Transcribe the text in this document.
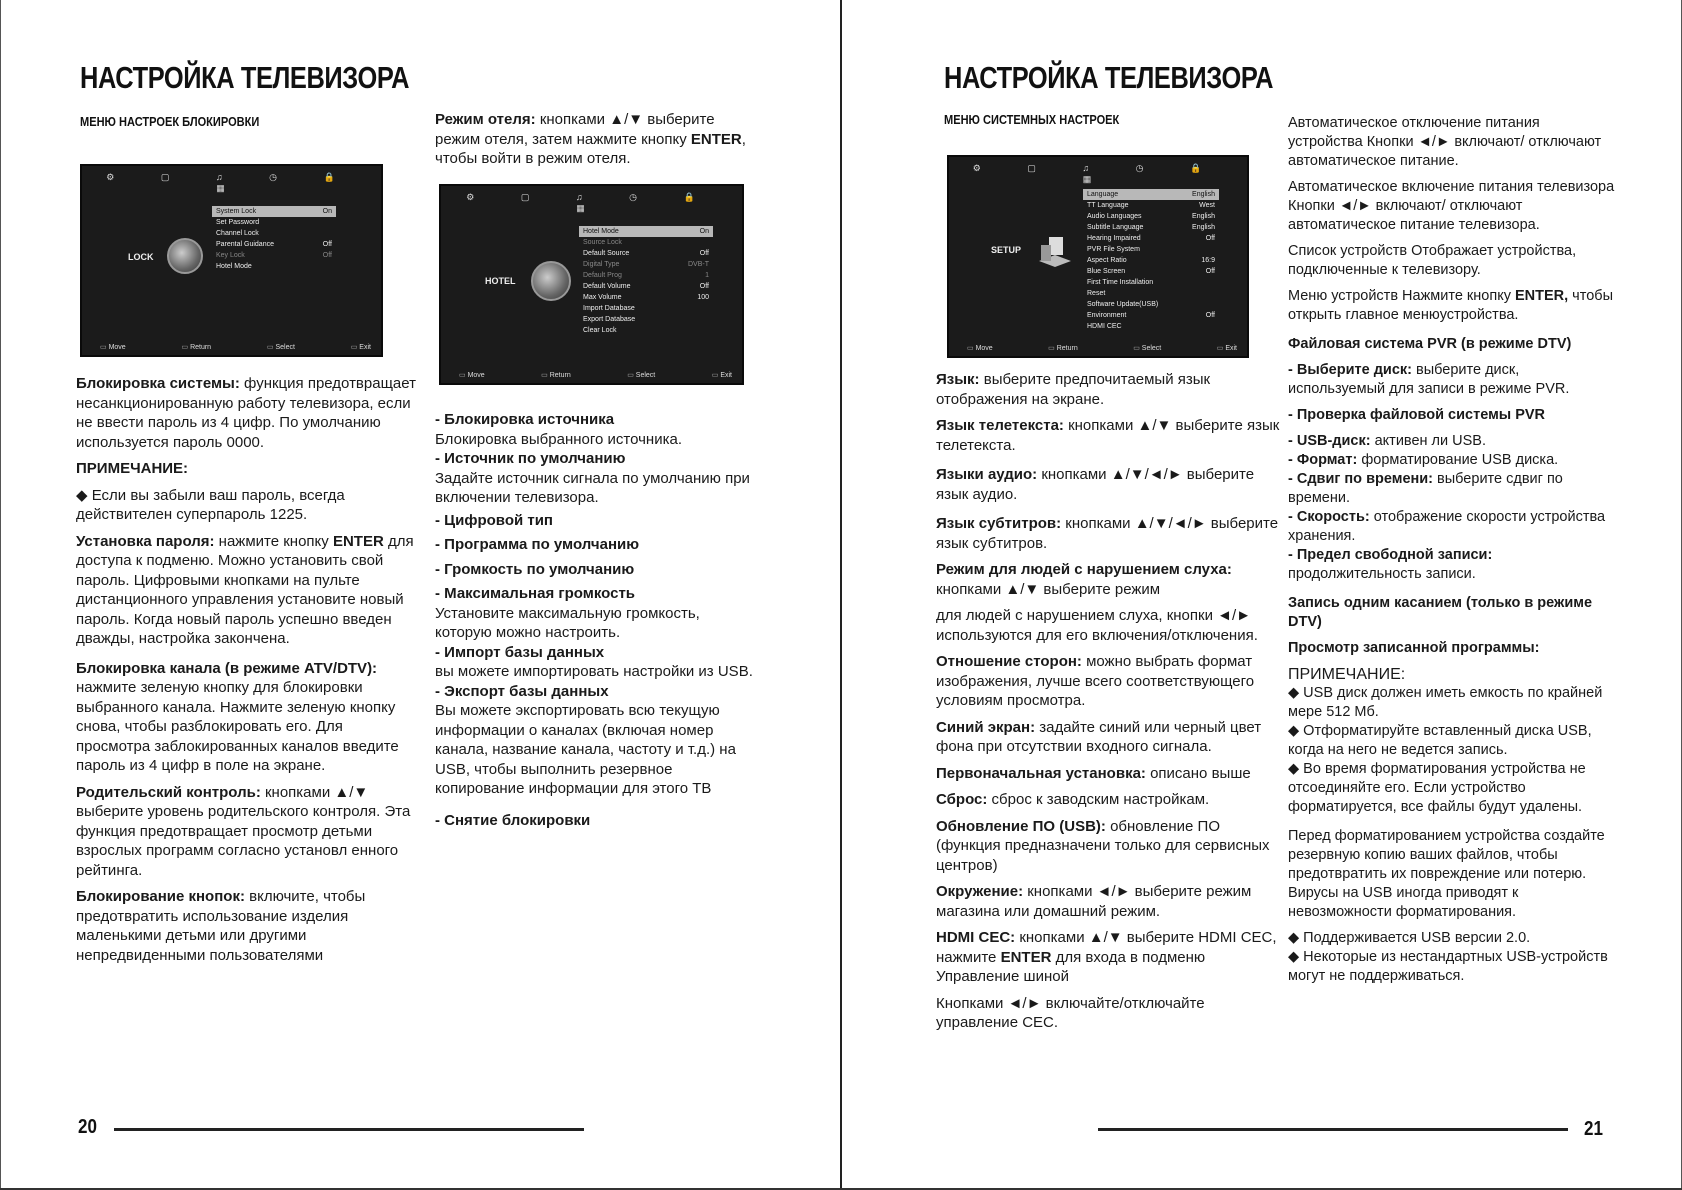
НАСТРОЙКА ТЕЛЕВИЗОРА
МЕНЮ НАСТРОЕК БЛОКИРОВКИ
⚙ ▢ ♫ ◷ 🔒 ▦
LOCK
System Lock	On
Set Password
Channel Lock
Parental Guidance	Off
Key Lock	Off
Hotel Mode
▭ Move	▭ Return	▭ Select	▭ Exit
⚙ ▢ ♫ ◷ 🔒 ▦
HOTEL
Hotel Mode	On
Source Lock
Default Source	Off
Digital Type	DVB-T
Default Prog	1
Default Volume	Off
Max Volume	100
Import Database
Export Database
Clear Lock
▭ Move	▭ Return	▭ Select	▭ Exit

Блокировка системы: функция предотвращает несанкционированную работу телевизора, если не ввести пароль из 4 цифр. По умолчанию используется пароль 0000.

ПРИМЕЧАНИЕ:

◆ Если вы забыли ваш пароль, всегда действителен суперпароль 1225.

Установка пароля: нажмите кнопку ENTER для доступа к подменю. Можно установить свой пароль. Цифровыми кнопками на пульте дистанционного управления установите новый пароль. Когда новый пароль успешно введен дважды, настройка закончена.

Блокировка канала (в режиме ATV/DTV): нажмите зеленую кнопку для блокировки выбранного канала. Нажмите зеленую кнопку снова, чтобы разблокировать его. Для просмотра заблокированных каналов введите пароль из 4 цифр в поле на экране.

Родительский контроль: кнопками ▲/▼ выберите уровень родительского контроля. Эта функция предотвращает просмотр детьми взрослых программ согласно установл енного рейтинга.

Блокирование кнопок: включите, чтобы предотвратить использование изделия маленькими детьми или другими непредвиденными пользователями

Режим отеля: кнопками ▲/▼ выберите режим отеля, затем нажмите кнопку ENTER, чтобы войти в режим отеля.

- Блокировка источника
Блокировка выбранного источника.
- Источник по умолчанию
Задайте источник сигнала по умолчанию при включении телевизора.
- Цифровой тип
- Программа по умолчанию
- Громкость по умолчанию
- Максимальная громкость
Установите максимальную громкость, которую можно настроить.
- Импорт базы данных
вы можете импортировать настройки из USB.
- Экспорт базы данных
Вы можете экспортировать всю текущую информации о каналах (включая номер канала, название канала, частоту и т.д.) на USB, чтобы выполнить резервное копирование информации для этого ТВ
- Снятие блокировки
20
НАСТРОЙКА ТЕЛЕВИЗОРА
МЕНЮ СИСТЕМНЫХ НАСТРОЕК
⚙ ▢ ♫ ◷ 🔒 ▦
SETUP
Language	English
TT Language	West
Audio Languages	English
Subtitle Language	English
Hearing Impaired	Off
PVR File System
Aspect Ratio	16:9
Blue Screen	Off
First Time Installation
Reset
Software Update(USB)
Environment	Off
HDMI CEC
▭ Move	▭ Return	▭ Select	▭ Exit

Язык: выберите предпочитаемый язык отображения на экране.

Язык телетекста: кнопками ▲/▼ выберите язык телетекста.

Языки аудио: кнопками ▲/▼/◄/► выберите язык аудио.

Язык субтитров: кнопками ▲/▼/◄/► выберите язык субтитров.

Режим для людей с нарушением слуха: кнопками ▲/▼ выберите режим

для людей с нарушением слуха, кнопки ◄/► используются для его включения/отключения.

Отношение сторон: можно выбрать формат изображения, лучше всего соответствующего условиям просмотра.

Синий экран: задайте синий или черный цвет фона при отсутствии входного сигнала.

Первоначальная установка: описано выше

Сброс: сброс к заводским настройкам.

Обновление ПО (USB): обновление ПО (функция предназначени только для сервисных центров)

Окружение: кнопками ◄/► выберите режим магазина или домашний режим.

HDMI CEC: кнопками ▲/▼ выберите HDMI CEC, нажмите ENTER для входа в подменю Управление шиной

Кнопками ◄/► включайте/отключайте управление CEC.

Автоматическое отключение питания устройства Кнопки ◄/► включают/ отключают автоматическое питание.

Автоматическое включение питания телевизора Кнопки ◄/► включают/ отключают автоматическое питание телевизора.

Список устройств Отображает устройства, подключенные к телевизору.

Меню устройств Нажмите кнопку ENTER, чтобы открыть главное менюустройства.

Файловая система PVR (в режиме DTV)

- Выберите диск: выберите диск, используемый для записи в режиме PVR.

- Проверка файловой системы PVR

- USB-диск: активен ли USB.
- Формат: форматирование USB диска.
- Сдвиг по времени: выберите сдвиг по времени.
- Скорость: отображение скорости устройства хранения.

- Предел свободной записи: продолжительность записи.

Запись одним касанием (только в режиме DTV)

Просмотр записанной программы:

ПРИМЕЧАНИЕ:
◆ USB диск должен иметь емкость по крайней мере 512 Мб.
◆ Отформатируйте вставленный диска USB, когда на него не ведется запись.

◆ Во время форматирования устройства не отсоединяйте его. Если устройство форматируется, все файлы будут удалены.

Перед форматированием устройства создайте резервную копию ваших файлов, чтобы предотвратить их повреждение или потерю. Вирусы на USB иногда приводят к невозможности форматирования.

◆ Поддерживается USB версии 2.0.
◆ Некоторые из нестандартных USB-устройств могут не поддерживаться.
21
